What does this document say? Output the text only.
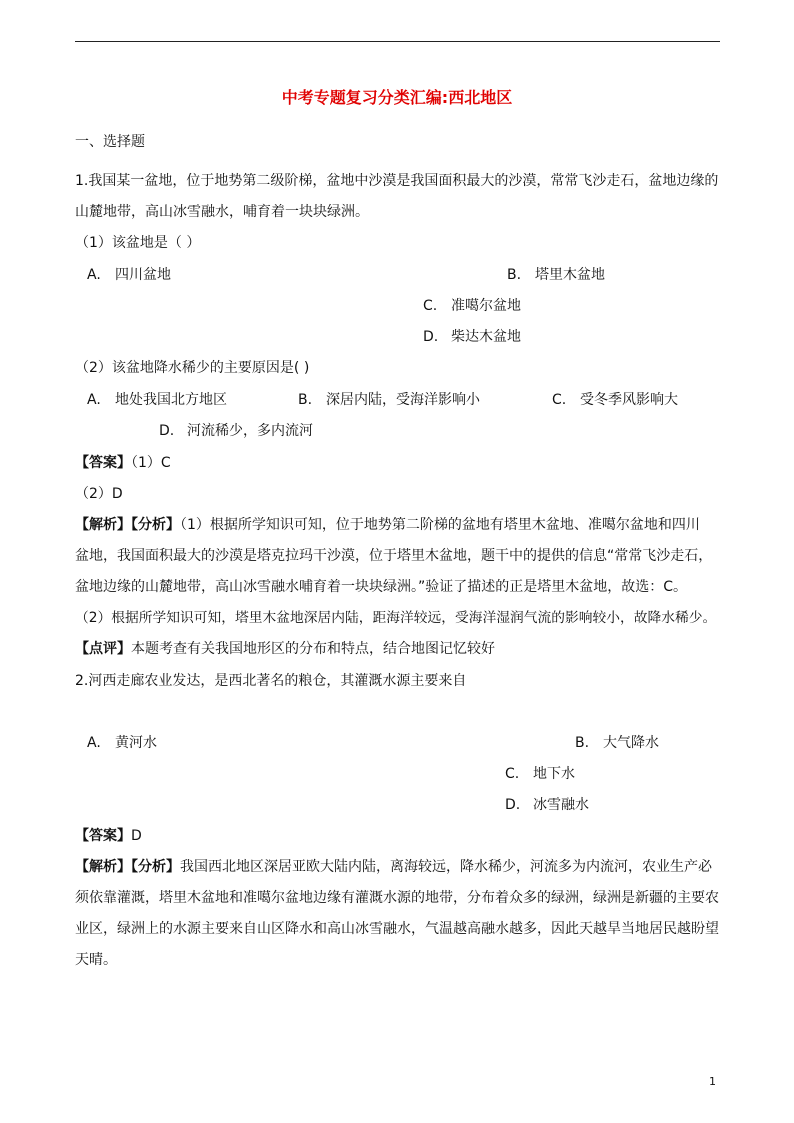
中考专题复习分类汇编:西北地区
一、选择题
1.我国某一盆地，位于地势第二级阶梯，盆地中沙漠是我国面积最大的沙漠，常常飞沙走石，盆地边缘的
山麓地带，高山冰雪融水，哺育着一块块绿洲。
（1）该盆地是（ ）
A. 四川盆地	B. 塔里木盆地
C. 准噶尔盆地
D. 柴达木盆地
（2）该盆地降水稀少的主要原因是( )
A. 地处我国北方地区	B. 深居内陆，受海洋影响小	C. 受冬季风影响大
D. 河流稀少，多内流河
【答案】（1）C
（2）D
【解析】【分析】（1）根据所学知识可知，位于地势第二阶梯的盆地有塔里木盆地、准噶尔盆地和四川
盆地，我国面积最大的沙漠是塔克拉玛干沙漠，位于塔里木盆地，题干中的提供的信息“常常飞沙走石，
盆地边缘的山麓地带，高山冰雪融水哺育着一块块绿洲。”验证了描述的正是塔里木盆地，故选：C。
（2）根据所学知识可知，塔里木盆地深居内陆，距海洋较远，受海洋湿润气流的影响较小，故降水稀少。
【点评】本题考查有关我国地形区的分布和特点，结合地图记忆较好
2.河西走廊农业发达，是西北著名的粮仓，其灌溉水源主要来自
A. 黄河水	B. 大气降水
C. 地下水
D. 冰雪融水
【答案】D
【解析】【分析】我国西北地区深居亚欧大陆内陆，离海较远，降水稀少，河流多为内流河，农业生产必
须依靠灌溉，塔里木盆地和准噶尔盆地边缘有灌溉水源的地带，分布着众多的绿洲，绿洲是新疆的主要农
业区，绿洲上的水源主要来自山区降水和高山冰雪融水，气温越高融水越多，因此天越旱当地居民越盼望
天晴。
1
